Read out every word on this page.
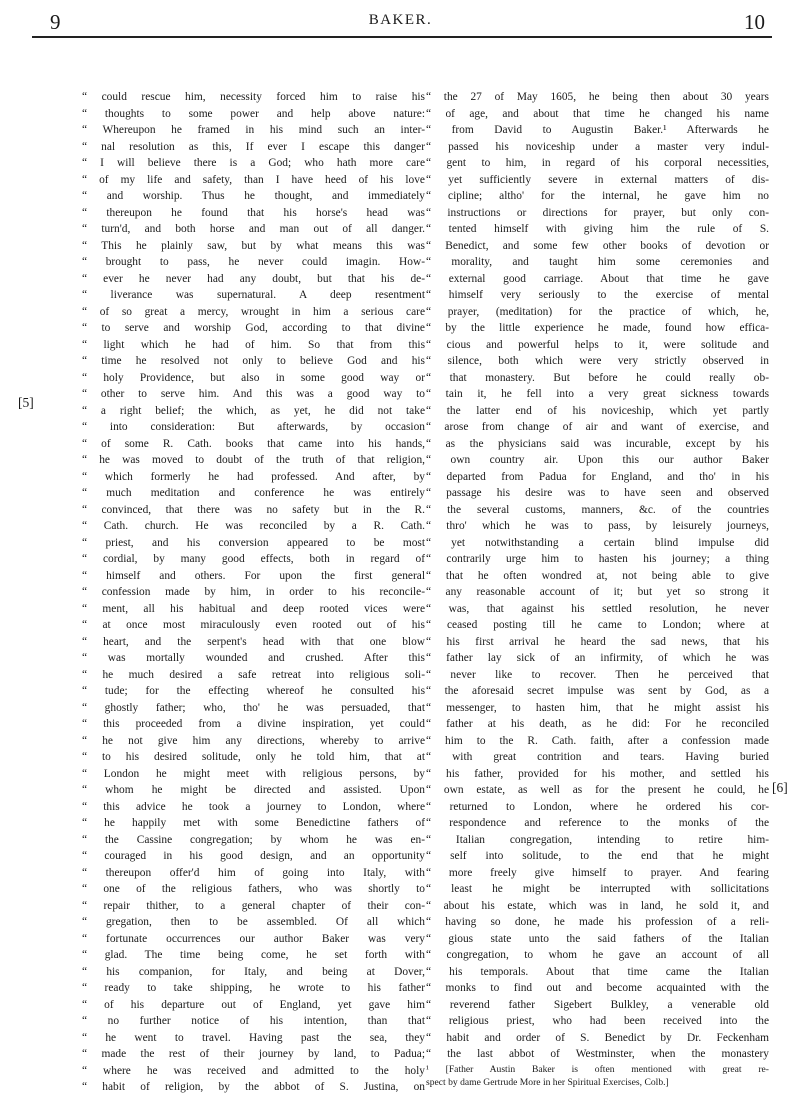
9	BAKER.	10
[5]
[6]
“ could rescue him, necessity forced him to raise his
“ thoughts to some power and help above nature:
“ Whereupon he framed in his mind such an inter-
“ nal resolution as this, If ever I escape this danger
“ I will believe there is a God; who hath more care
“ of my life and safety, than I have heed of his love
“ and worship. Thus he thought, and immediately
“ thereupon he found that his horse's head was
“ turn'd, and both horse and man out of all danger.
“ This he plainly saw, but by what means this was
“ brought to pass, he never could imagin. How-
“ ever he never had any doubt, but that his de-
“ liverance was supernatural. A deep resentment
“ of so great a mercy, wrought in him a serious care
“ to serve and worship God, according to that divine
“ light which he had of him. So that from this
“ time he resolved not only to believe God and his
“ holy Providence, but also in some good way or
“ other to serve him. And this was a good way to
“ a right belief; the which, as yet, he did not take
“ into consideration: But afterwards, by occasion
“ of some R. Cath. books that came into his hands,
“ he was moved to doubt of the truth of that religion,
“ which formerly he had professed. And after, by
“ much meditation and conference he was entirely
“ convinced, that there was no safety but in the R.
“ Cath. church. He was reconciled by a R. Cath.
“ priest, and his conversion appeared to be most
“ cordial, by many good effects, both in regard of
“ himself and others. For upon the first general
“ confession made by him, in order to his reconcile-
“ ment, all his habitual and deep rooted vices were
“ at once most miraculously even rooted out of his
“ heart, and the serpent's head with that one blow
“ was mortally wounded and crushed. After this
“ he much desired a safe retreat into religious soli-
“ tude; for the effecting whereof he consulted his
“ ghostly father; who, tho' he was persuaded, that
“ this proceeded from a divine inspiration, yet could
“ he not give him any directions, whereby to arrive
“ to his desired solitude, only he told him, that at
“ London he might meet with religious persons, by
“ whom he might be directed and assisted. Upon
“ this advice he took a journey to London, where
“ he happily met with some Benedictine fathers of
“ the Cassine congregation; by whom he was en-
“ couraged in his good design, and an opportunity
“ thereupon offer'd him of going into Italy, with
“ one of the religious fathers, who was shortly to
“ repair thither, to a general chapter of their con-
“ gregation, then to be assembled. Of all which
“ fortunate occurrences our author Baker was very
“ glad. The time being come, he set forth with
“ his companion, for Italy, and being at Dover,
“ ready to take shipping, he wrote to his father
“ of his departure out of England, yet gave him
“ no further notice of his intention, than that
“ he went to travel. Having past the sea, they
“ made the rest of their journey by land, to Padua;
“ where he was received and admitted to the holy
“ habit of religion, by the abbot of S. Justina, on
“ the 27 of May 1605, he being then about 30 years
“ of age, and about that time he changed his name
“ from David to Augustin Baker.¹ Afterwards he
“ passed his noviceship under a master very indul-
“ gent to him, in regard of his corporal necessities,
“ yet sufficiently severe in external matters of dis-
“ cipline; altho' for the internal, he gave him no
“ instructions or directions for prayer, but only con-
“ tented himself with giving him the rule of S.
“ Benedict, and some few other books of devotion or
“ morality, and taught him some ceremonies and
“ external good carriage. About that time he gave
“ himself very seriously to the exercise of mental
“ prayer, (meditation) for the practice of which, he,
“ by the little experience he made, found how effica-
“ cious and powerful helps to it, were solitude and
“ silence, both which were very strictly observed in
“ that monastery. But before he could really ob-
“ tain it, he fell into a very great sickness towards
“ the latter end of his noviceship, which yet partly
“ arose from change of air and want of exercise, and
“ as the physicians said was incurable, except by his
“ own country air. Upon this our author Baker
“ departed from Padua for England, and tho' in his
“ passage his desire was to have seen and observed
“ the several customs, manners, &c. of the countries
“ thro' which he was to pass, by leisurely journeys,
“ yet notwithstanding a certain blind impulse did
“ contrarily urge him to hasten his journey; a thing
“ that he often wondred at, not being able to give
“ any reasonable account of it; but yet so strong it
“ was, that against his settled resolution, he never
“ ceased posting till he came to London; where at
“ his first arrival he heard the sad news, that his
“ father lay sick of an infirmity, of which he was
“ never like to recover. Then he perceived that
“ the aforesaid secret impulse was sent by God, as a
“ messenger, to hasten him, that he might assist his
“ father at his death, as he did: For he reconciled
“ him to the R. Cath. faith, after a confession made
“ with great contrition and tears. Having buried
“ his father, provided for his mother, and settled his
“ own estate, as well as for the present he could, he
“ returned to London, where he ordered his cor-
“ respondence and reference to the monks of the
“ Italian congregation, intending to retire him-
“ self into solitude, to the end that he might
“ more freely give himself to prayer. And fearing
“ least he might be interrupted with sollicitations
“ about his estate, which was in land, he sold it, and
“ having so done, he made his profession of a reli-
“ gious state unto the said fathers of the Italian
“ congregation, to whom he gave an account of all
“ his temporals. About that time came the Italian
“ monks to find out and become acquainted with the
“ reverend father Sigebert Bulkley, a venerable old
“ religious priest, who had been received into the
“ habit and order of S. Benedict by Dr. Feckenham
“ the last abbot of Westminster, when the monastery
¹ [Father Austin Baker is often mentioned with great re-
spect by dame Gertrude More in her Spiritual Exercises, Colb.]
